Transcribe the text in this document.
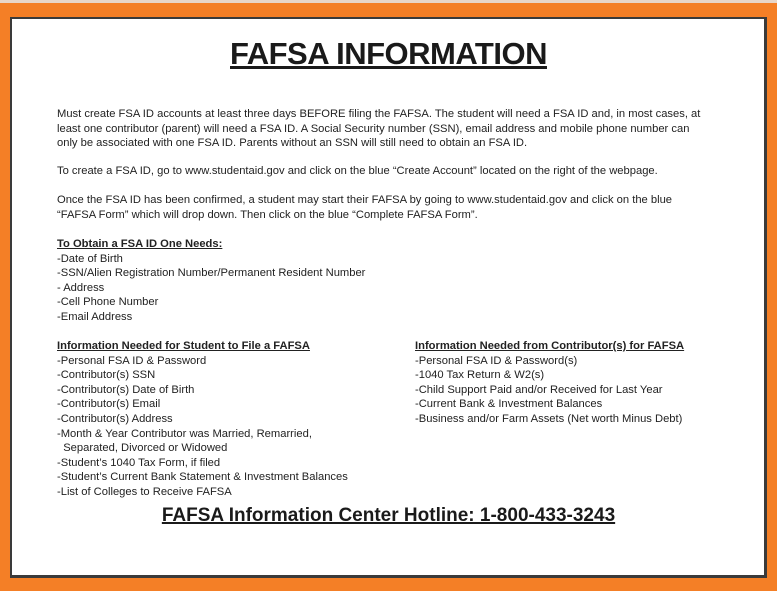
FAFSA INFORMATION
Must create FSA ID accounts at least three days BEFORE filing the FAFSA. The student will need a FSA ID and, in most cases, at least one contributor (parent) will need a FSA ID. A Social Security number (SSN), email address and mobile phone number can only be associated with one FSA ID. Parents without an SSN will still need to obtain an FSA ID.
To create a FSA ID, go to www.studentaid.gov and click on the blue “Create Account” located on the right of the webpage.
Once the FSA ID has been confirmed, a student may start their FAFSA by going to www.studentaid.gov and click on the blue “FAFSA Form” which will drop down. Then click on the blue “Complete FAFSA Form”.
To Obtain a FSA ID One Needs:
-Date of Birth
-SSN/Alien Registration Number/Permanent Resident Number
- Address
-Cell Phone Number
-Email Address
Information Needed for Student to File a FAFSA
-Personal FSA ID & Password
-Contributor(s) SSN
-Contributor(s) Date of Birth
-Contributor(s) Email
-Contributor(s) Address
-Month & Year Contributor was Married, Remarried,
Separated, Divorced or Widowed
-Student’s 1040 Tax Form, if filed
-Student’s Current Bank Statement & Investment Balances
-List of Colleges to Receive FAFSA
Information Needed from Contributor(s) for FAFSA
-Personal FSA ID & Password(s)
-1040 Tax Return & W2(s)
-Child Support Paid and/or Received for Last Year
-Current Bank & Investment Balances
-Business and/or Farm Assets (Net worth Minus Debt)
FAFSA Information Center Hotline: 1-800-433-3243
